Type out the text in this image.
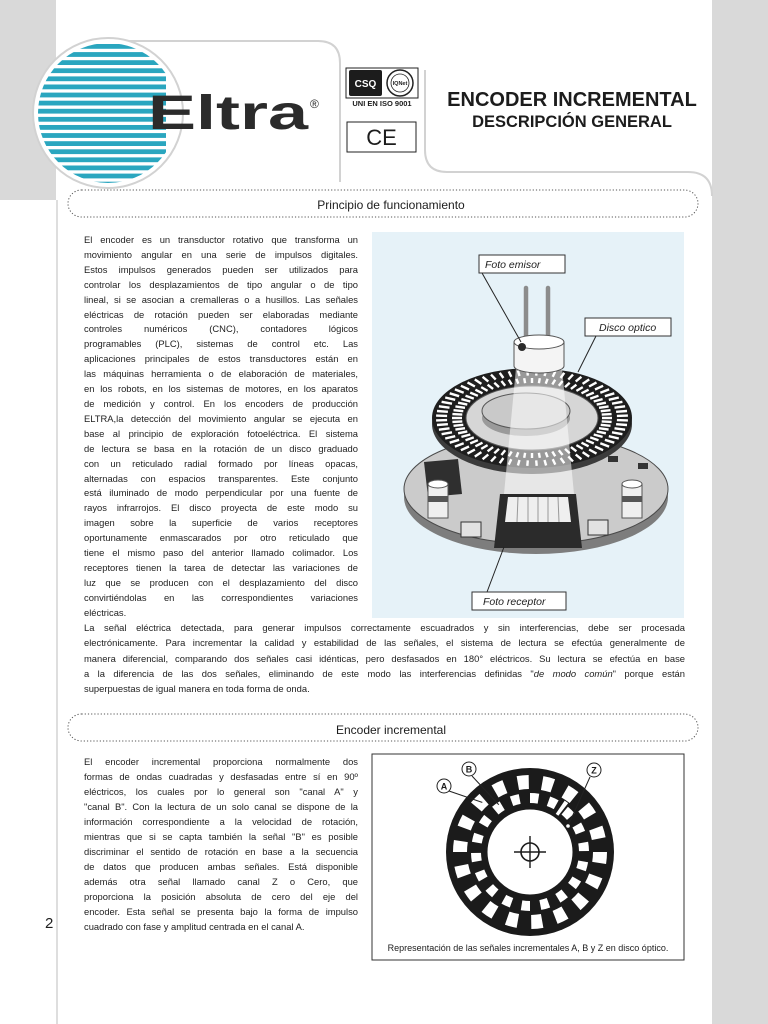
Eltra ®
CSQ	IQNet
UNI EN ISO 9001
CE
ENCODER INCREMENTAL
DESCRIPCIÓN GENERAL
Principio de funcionamiento
Encoder incremental
Foto emisor
Disco optico
Foto receptor
A
B	Z
Representación de las señales incrementales A, B y Z en disco óptico.
El encoder es un transductor rotativo que transforma un
movimiento angular en una serie de impulsos digitales.
Estos impulsos generados pueden ser utilizados para
controlar los desplazamientos de tipo angular o de tipo
lineal, si se asocian a cremalleras o a husillos. Las señales
eléctricas de rotación pueden ser elaboradas mediante
controles numéricos (CNC), contadores lógicos
programables (PLC), sistemas de control etc. Las
aplicaciones principales de estos transductores están en
las máquinas herramienta o de elaboración de materiales,
en los robots, en los sistemas de motores, en los aparatos
de medición y control. En los encoders de producción
ELTRA,la detección del movimiento angular se ejecuta en
base al principio de exploración fotoeléctrica. El sistema
de lectura se basa en la rotación de un disco graduado
con un reticulado radial formado por líneas opacas,
alternadas con espacios transparentes. Este conjunto
está iluminado de modo perpendicular por una fuente de
rayos infrarrojos. El disco proyecta de este modo su
imagen sobre la superficie de varios receptores
oportunamente enmascarados por otro reticulado que
tiene el mismo paso del anterior llamado colimador. Los
receptores tienen la tarea de detectar las variaciones de
luz que se producen con el desplazamiento del disco
convirtiéndolas en las correspondientes variaciones
eléctricas.
La señal eléctrica detectada, para generar impulsos correctamente escuadrados y sin interferencias, debe ser procesada
electrónicamente. Para incrementar la calidad y estabilidad de las señales, el sistema de lectura se efectúa generalmente de
manera diferencial, comparando dos señales casi idénticas, pero desfasados en 180° eléctricos. Su lectura se efectúa en base
a la diferencia de las dos señales, eliminando de este modo las interferencias definidas "de modo común" porque están
superpuestas de igual manera en toda forma de onda.
El encoder incremental proporciona normalmente dos
formas de ondas cuadradas y desfasadas entre sí en 90º
eléctricos, los cuales por lo general son "canal A" y
"canal B". Con la lectura de un solo canal se dispone de la
información correspondiente a la velocidad de rotación,
mientras que si se capta también la señal "B" es posible
discriminar el sentido de rotación en base a la secuencia
de datos que producen ambas señales. Está disponible
además otra señal llamado canal Z o Cero, que
proporciona la posición absoluta de cero del eje del
encoder. Esta señal se presenta bajo la forma de impulso
cuadrado con fase y amplitud centrada en el canal A.
2
